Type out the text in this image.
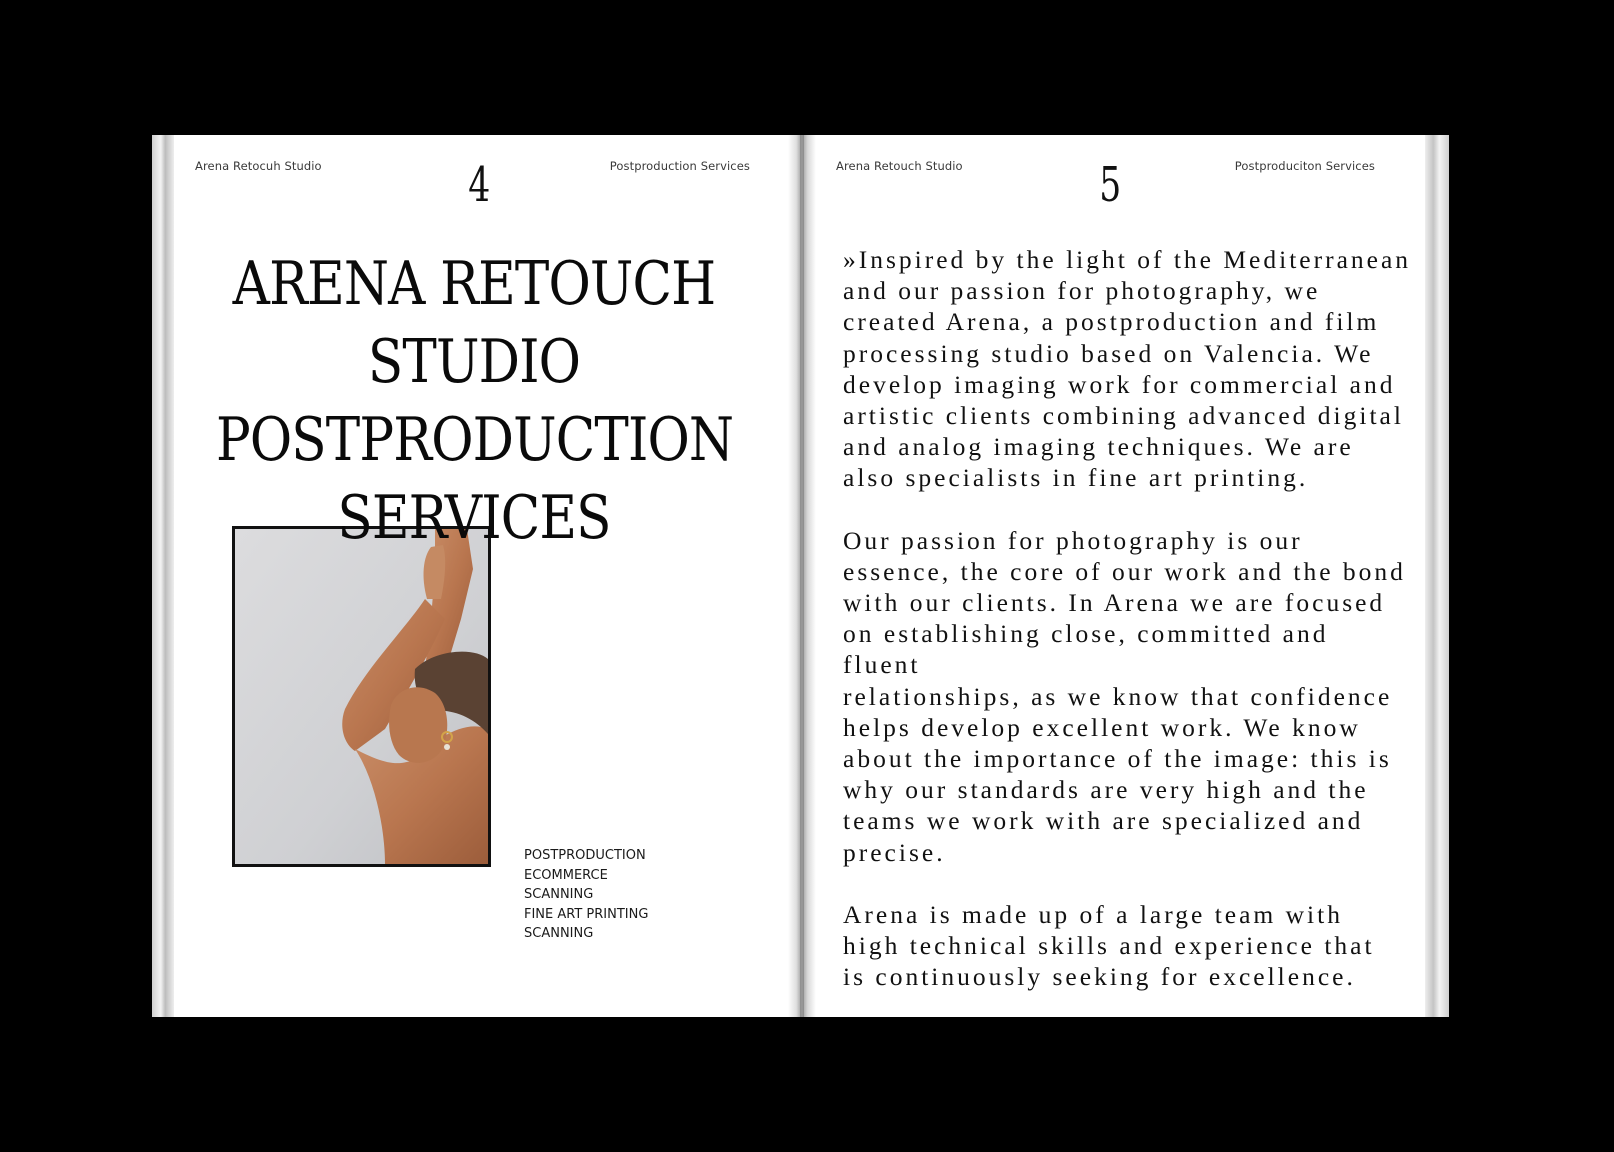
Arena Retocuh Studio	Postproduction Services
4
ARENA RETOUCH
STUDIO
POSTPRODUCTION
SERVICES
POSTPRODUCTION
ECOMMERCE
SCANNING
FINE ART PRINTING
SCANNING
Arena Retouch Studio	Postproduciton Services
5

»Inspired by the light of the Mediterranean
and our passion for photography, we
created Arena, a postproduction and film
processing studio based on Valencia. We
develop imaging work for commercial and
artistic clients combining advanced digital
and analog imaging techniques. We are
also specialists in fine art printing.

Our passion for photography is our
essence, the core of our work and the bond
with our clients. In Arena we are focused
on establishing close, committed and fluent
relationships, as we know that confidence
helps develop excellent work. We know
about the importance of the image: this is
why our standards are very high and the
teams we work with are specialized and
precise.

Arena is made up of a large team with
high technical skills and experience that
is continuously seeking for excellence.
